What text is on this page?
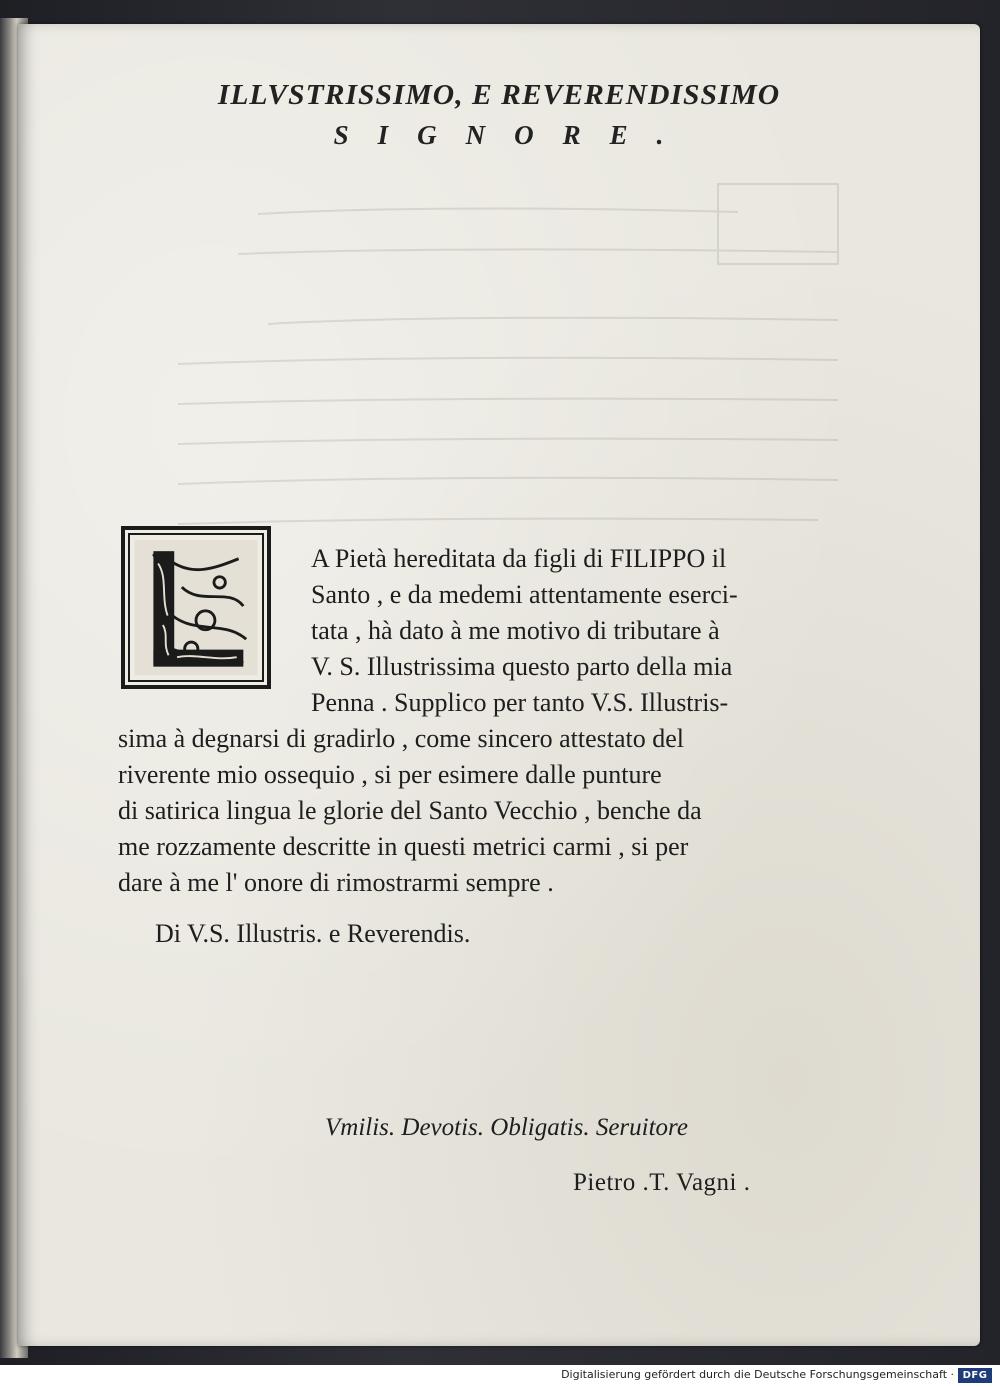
ILLVSTRISSIMO, E REVERENDISSIMO
SIGNORE.
A Pietà hereditata da figli di FILIPPO il
Santo , e da medemi attentamente eserci-
tata , hà dato à me motivo di tributare à
V. S. Illustrissima questo parto della mia
Penna . Supplico per tanto V.S. Illustris-
sima à degnarsi di gradirlo , come sincero attestato del
riverente mio ossequio , si per esimere dalle punture
di satirica lingua le glorie del Santo Vecchio , benche da
me rozzamente descritte in questi metrici carmi , si per
dare à me l' onore di rimostrarmi sempre .
Di V.S. Illustris. e Reverendis.
Vmilis. Devotis. Obligatis. Seruitore
Pietro .T. Vagni .
Digitalisierung gefördert durch die Deutsche Forschungsgemeinschaft · DFG
